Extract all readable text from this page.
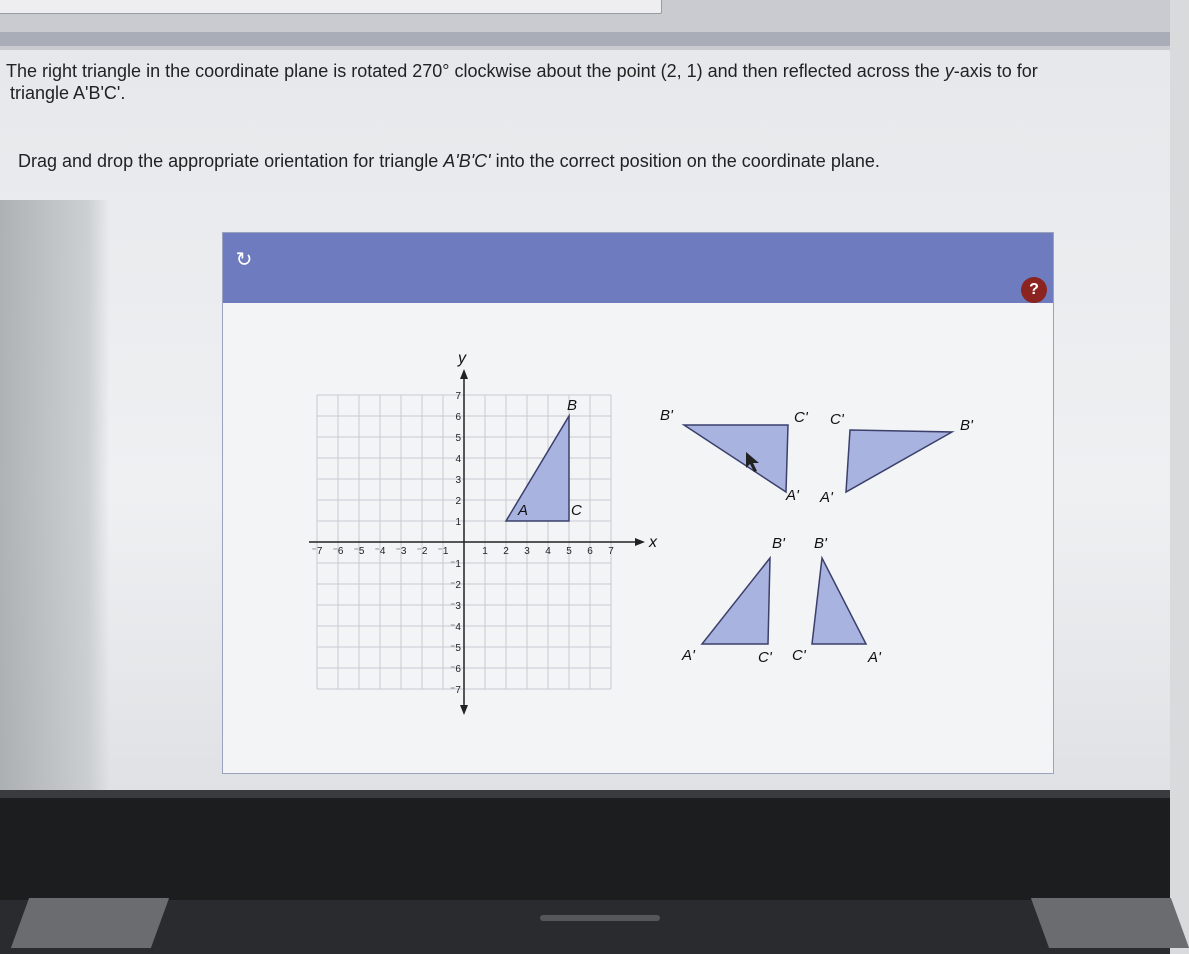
The right triangle in the coordinate plane is rotated 270° clockwise about the point (2, 1) and then reflected across the y-axis to for
triangle A'B'C'.
Drag and drop the appropriate orientation for triangle A'B'C' into the correct position on the coordinate plane.
↻
?
x
y
⁻7 ⁻6 ⁻5 ⁻4 ⁻3 ⁻2 ⁻1	1 2 3 4 5 6 7
7
6
5
4
3
2
1
⁻1
⁻2
⁻3
⁻4
⁻5
⁻6
⁻7
A
B
C
B'	C'
A'
C'	B'
A'
B'
A'	C'
B'
C'	A'
